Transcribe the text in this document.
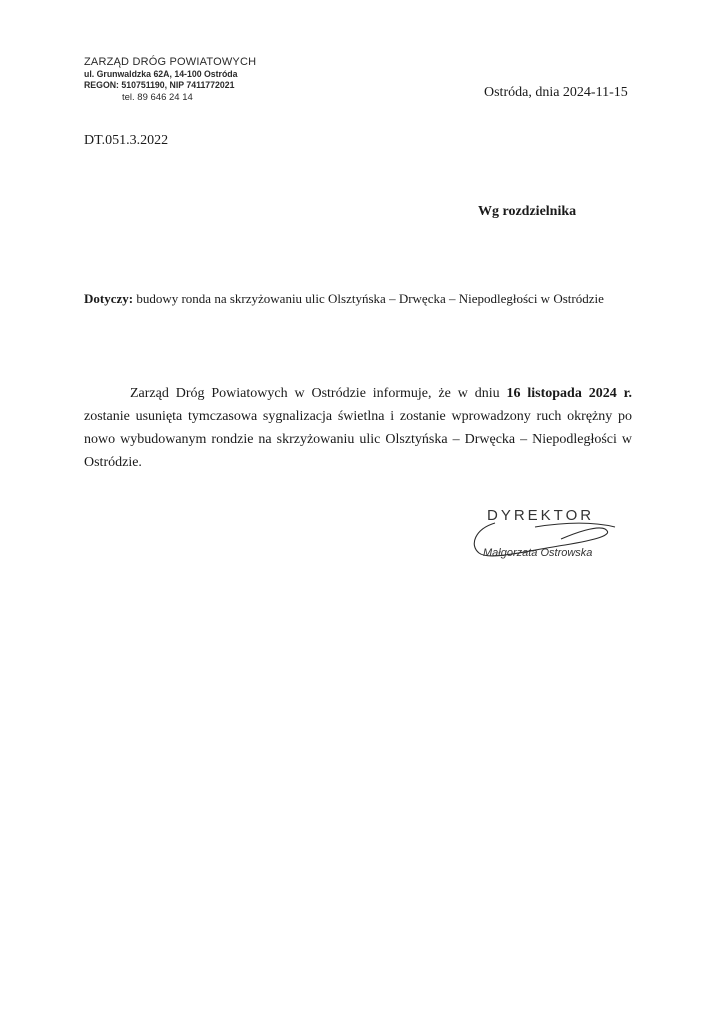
ZARZĄD DRÓG POWIATOWYCH
ul. Grunwaldzka 62A, 14-100 Ostróda
REGON: 510751190, NIP 7411772021
tel. 89 646 24 14	Ostróda, dnia 2024-11-15
DT.051.3.2022
Wg rozdzielnika
Dotyczy: budowy ronda na skrzyżowaniu ulic Olsztyńska – Drwęcka – Niepodległości w Ostródzie
Zarząd Dróg Powiatowych w Ostródzie informuje, że w dniu 16 listopada 2024 r. zostanie usunięta tymczasowa sygnalizacja świetlna i zostanie wprowadzony ruch okrężny po nowo wybudowanym rondzie na skrzyżowaniu ulic Olsztyńska – Drwęcka – Niepodległości w Ostródzie.
DYREKTOR
Małgorzata Ostrowska
